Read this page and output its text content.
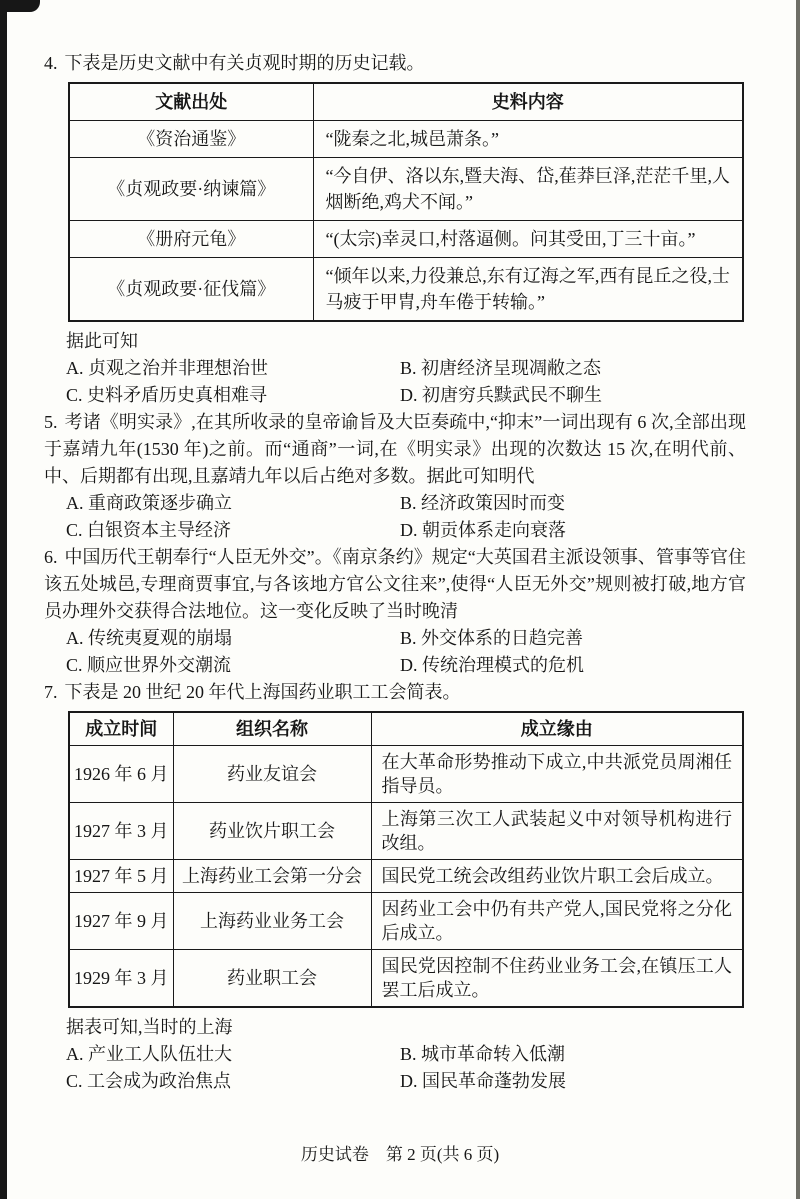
4. 下表是历史文献中有关贞观时期的历史记载。

文献出处	史料内容
《资治通鉴》	“陇秦之北,城邑萧条。”
《贞观政要·纳谏篇》	“今自伊、洛以东,暨夫海、岱,萑莽巨泽,茫茫千里,人烟断绝,鸡犬不闻。”
《册府元龟》	“(太宗)幸灵口,村落逼侧。问其受田,丁三十亩。”
《贞观政要·征伐篇》	“倾年以来,力役兼总,东有辽海之军,西有昆丘之役,士马疲于甲胄,舟车倦于转输。”

据此可知

A. 贞观之治并非理想治世	B. 初唐经济呈现凋敝之态
C. 史料矛盾历史真相难寻	D. 初唐穷兵黩武民不聊生

5. 考诸《明实录》,在其所收录的皇帝谕旨及大臣奏疏中,“抑末”一词出现有 6 次,全部出现于嘉靖九年(1530 年)之前。而“通商”一词,在《明实录》出现的次数达 15 次,在明代前、中、后期都有出现,且嘉靖九年以后占绝对多数。据此可知明代

A. 重商政策逐步确立	B. 经济政策因时而变
C. 白银资本主导经济	D. 朝贡体系走向衰落

6. 中国历代王朝奉行“人臣无外交”。《南京条约》规定“大英国君主派设领事、管事等官住该五处城邑,专理商贾事宜,与各该地方官公文往来”,使得“人臣无外交”规则被打破,地方官员办理外交获得合法地位。这一变化反映了当时晚清

A. 传统夷夏观的崩塌	B. 外交体系的日趋完善
C. 顺应世界外交潮流	D. 传统治理模式的危机

7. 下表是 20 世纪 20 年代上海国药业职工工会简表。

成立时间	组织名称	成立缘由
1926 年 6 月	药业友谊会	在大革命形势推动下成立,中共派党员周湘任指导员。
1927 年 3 月	药业饮片职工会	上海第三次工人武装起义中对领导机构进行改组。
1927 年 5 月	上海药业工会第一分会	国民党工统会改组药业饮片职工会后成立。
1927 年 9 月	上海药业业务工会	因药业工会中仍有共产党人,国民党将之分化后成立。
1929 年 3 月	药业职工会	国民党因控制不住药业业务工会,在镇压工人罢工后成立。

据表可知,当时的上海

A. 产业工人队伍壮大	B. 城市革命转入低潮
C. 工会成为政治焦点	D. 国民革命蓬勃发展
历史试卷　第 2 页(共 6 页)
